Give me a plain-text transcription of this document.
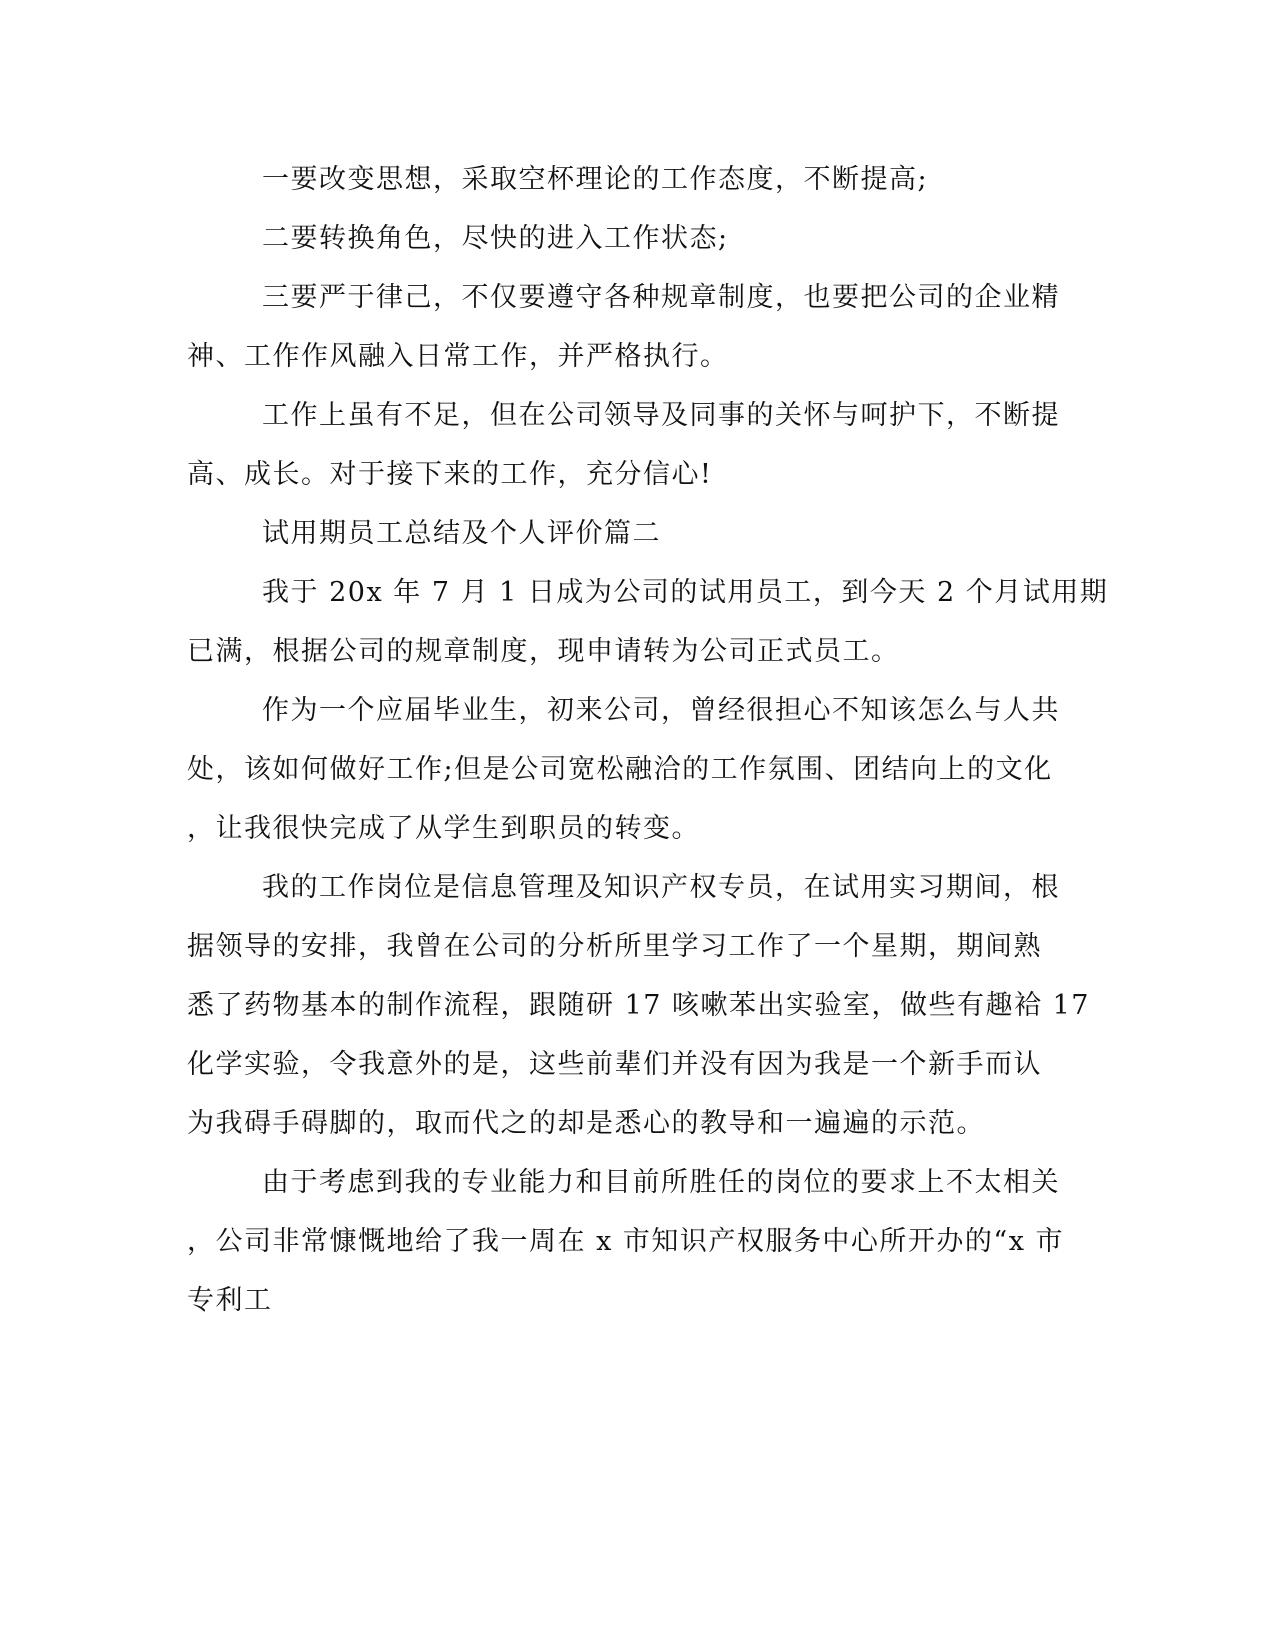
一要改变思想，采取空杯理论的工作态度，不断提高;
二要转换角色，尽快的进入工作状态;
三要严于律己，不仅要遵守各种规章制度，也要把公司的企业精
神、工作作风融入日常工作，并严格执行。
工作上虽有不足，但在公司领导及同事的关怀与呵护下，不断提
高、成长。对于接下来的工作，充分信心!
试用期员工总结及个人评价篇二
我于 20x 年 7 月 1 日成为公司的试用员工，到今天 2 个月试用期
已满，根据公司的规章制度，现申请转为公司正式员工。
作为一个应届毕业生，初来公司，曾经很担心不知该怎么与人共
处，该如何做好工作;但是公司宽松融洽的工作氛围、团结向上的文化
，让我很快完成了从学生到职员的转变。
我的工作岗位是信息管理及知识产权专员，在试用实习期间，根
据领导的安排，我曾在公司的分析所里学习工作了一个星期，期间熟
悉了药物基本的制作流程，跟随研 17 咳嗽苯出实验室，做些有趣袷 17
化学实验，令我意外的是，这些前辈们并没有因为我是一个新手而认
为我碍手碍脚的，取而代之的却是悉心的教导和一遍遍的示范。
由于考虑到我的专业能力和目前所胜任的岗位的要求上不太相关
，公司非常慷慨地给了我一周在 x 市知识产权服务中心所开办的“x 市
专利工
